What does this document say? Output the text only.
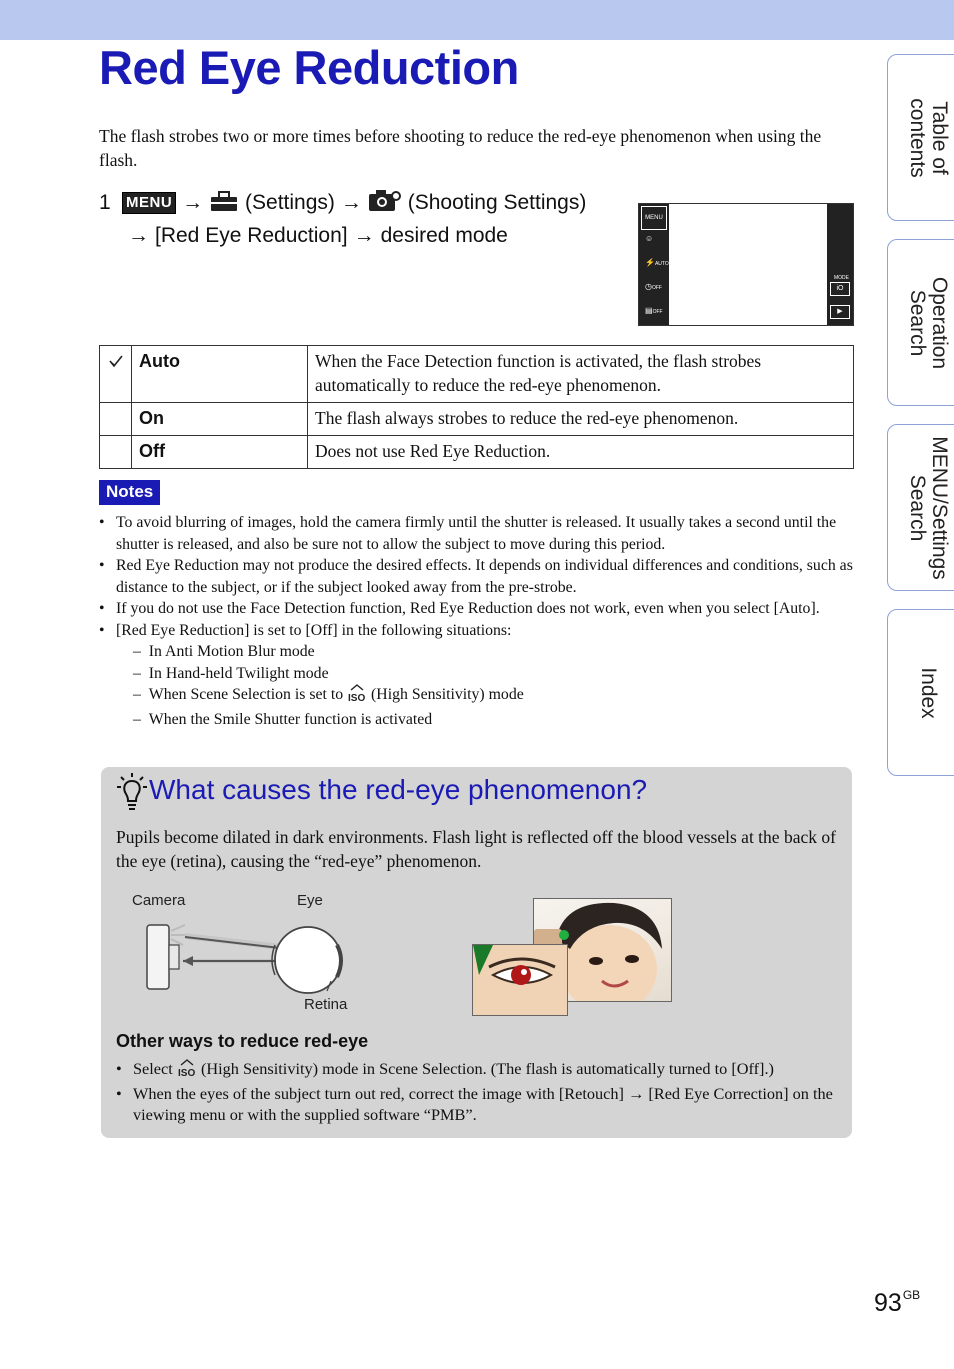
Red Eye Reduction

The flash strobes two or more times before shooting to reduce the red-eye phenomenon when using the flash.

1 MENU → (Settings) → (Shooting Settings)→ [Red Eye Reduction] → desired mode
MENU
☺
⚡AUTO
◷OFF
▤OFF
MODE
iO
▶
	Auto	When the Face Detection function is activated, the flash strobes automatically to reduce the red-eye phenomenon.
	On	The flash always strobes to reduce the red-eye phenomenon.
	Off	Does not use Red Eye Reduction.
Notes
• To avoid blurring of images, hold the camera firmly until the shutter is released. It usually takes a second until the shutter is released, and also be sure not to allow the subject to move during this period.
• Red Eye Reduction may not produce the desired effects. It depends on individual differences and conditions, such as distance to the subject, or if the subject looked away from the pre-strobe.
• If you do not use the Face Detection function, Red Eye Reduction does not work, even when you select [Auto].
• [Red Eye Reduction] is set to [Off] in the following situations:
–  In Anti Motion Blur mode
–  In Hand-held Twilight mode
–  When Scene Selection is set to ISO (High Sensitivity) mode
–  When the Smile Shutter function is activated
What causes the red-eye phenomenon?

Pupils become dilated in dark environments. Flash light is reflected off the blood vessels at the back of the eye (retina), causing the “red-eye” phenomenon.

Camera	Eye
Retina
Other ways to reduce red-eye
• Select ISO (High Sensitivity) mode in Scene Selection. (The flash is automatically turned to [Off].)
• When the eyes of the subject turn out red, correct the image with [Retouch] → [Red Eye Correction] on the viewing menu or with the supplied software “PMB”.
Table of
contents
Operation
Search
MENU/Settings
Search
Index
$93^{GB}$
